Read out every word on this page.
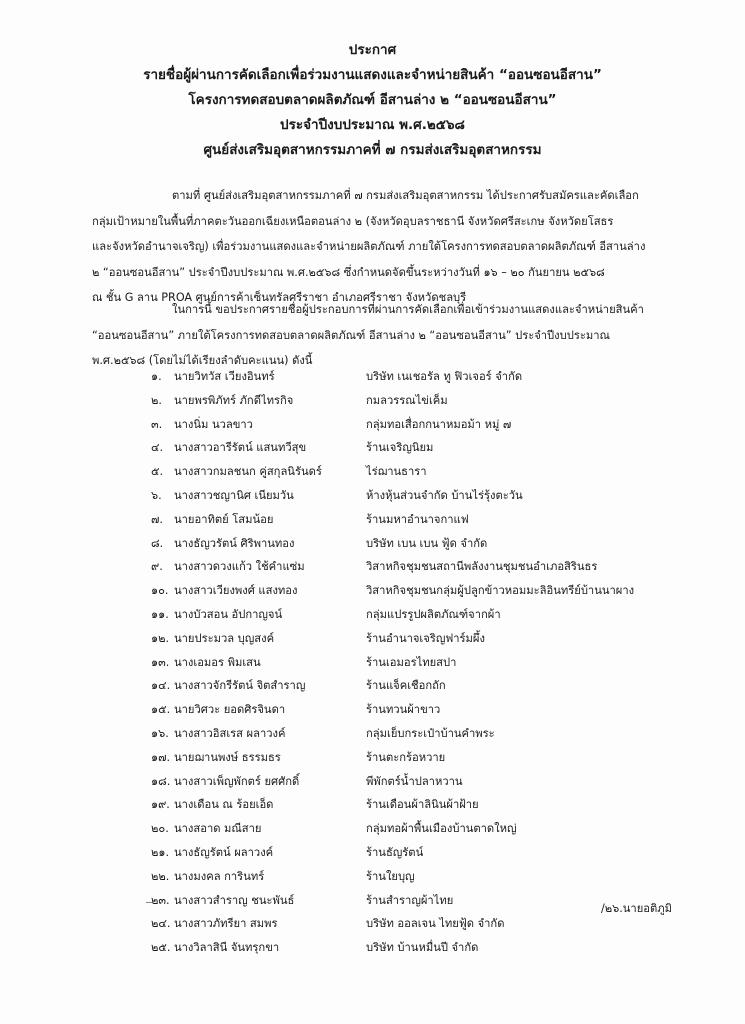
ประกาศ
รายชื่อผู้ผ่านการคัดเลือกเพื่อร่วมงานแสดงและจำหน่ายสินค้า “ออนซอนอีสาน”
โครงการทดสอบตลาดผลิตภัณฑ์ อีสานล่าง ๒ “ออนซอนอีสาน”
ประจำปีงบประมาณ พ.ศ.๒๕๖๘
ศูนย์ส่งเสริมอุตสาหกรรมภาคที่ ๗ กรมส่งเสริมอุตสาหกรรม
ตามที่ ศูนย์ส่งเสริมอุตสาหกรรมภาคที่ ๗ กรมส่งเสริมอุตสาหกรรม ได้ประกาศรับสมัครและคัดเลือก
กลุ่มเป้าหมายในพื้นที่ภาคตะวันออกเฉียงเหนือตอนล่าง ๒ (จังหวัดอุบลราชธานี จังหวัดศรีสะเกษ จังหวัดยโสธร
และจังหวัดอำนาจเจริญ) เพื่อร่วมงานแสดงและจำหน่ายผลิตภัณฑ์ ภายใต้โครงการทดสอบตลาดผลิตภัณฑ์ อีสานล่าง
๒ “ออนซอนอีสาน” ประจำปีงบประมาณ พ.ศ.๒๕๖๘ ซึ่งกำหนดจัดขึ้นระหว่างวันที่ ๑๖ – ๒๐ กันยายน ๒๕๖๘
ณ ชั้น G ลาน PROA ศูนย์การค้าเซ็นทรัลศรีราชา อำเภอศรีราชา จังหวัดชลบุรี
ในการนี้ ขอประกาศรายชื่อผู้ประกอบการที่ผ่านการคัดเลือกเพื่อเข้าร่วมงานแสดงและจำหน่ายสินค้า
“ออนซอนอีสาน” ภายใต้โครงการทดสอบตลาดผลิตภัณฑ์ อีสานล่าง ๒ “ออนซอนอีสาน” ประจำปีงบประมาณ
พ.ศ.๒๕๖๘ (โดยไม่ได้เรียงลำดับคะแนน) ดังนี้
๑. นายวิทวัส เวียงอินทร์	บริษัท เนเชอรัล ทู ฟิวเจอร์ จำกัด
๒. นายพรพิภัทร์ ภักดีไทรกิจ	กมลวรรณไข่เค็ม
๓. นางนิ่ม นวลขาว	กลุ่มทอเสื่อกกนาหมอม้า หมู่ ๗
๔. นางสาวอารีรัตน์ แสนทวีสุข	ร้านเจริญนิยม
๕. นางสาวกมลชนก คู่สกุลนิรันดร์	ไร่ฌานธารา
๖. นางสาวชญานิศ เนียมวัน	ห้างหุ้นส่วนจำกัด บ้านไร่รุ้งตะวัน
๗. นายอาทิตย์ โสมน้อย	ร้านมหาอำนาจกาแฟ
๘. นางธัญวรัตน์ ศิริพานทอง	บริษัท เบน เบน ฟู้ด จำกัด
๙. นางสาวดวงแก้ว ใช้คำแซ่ม	วิสาหกิจชุมชนสถานีพลังงานชุมชนอำเภอสิรินธร
๑๐. นางสาวเวียงพงศ์ แสงทอง	วิสาหกิจชุมชนกลุ่มผู้ปลูกข้าวหอมมะลิอินทรีย์บ้านนาผาง
๑๑. นางบัวสอน อัปกาญจน์	กลุ่มแปรรูปผลิตภัณฑ์จากผ้า
๑๒. นายประมวล บุญสงค์	ร้านอำนาจเจริญฟาร์มผึ้ง
๑๓. นางเอมอร พิมเสน	ร้านเอมอรไทยสปา
๑๔. นางสาวจักรีรัตน์ จิตสำราญ	ร้านแจ็คเชือกถัก
๑๕. นายวิศวะ ยอดศิรจินดา	ร้านทวนผ้าขาว
๑๖. นางสาวอิสเรส ผลาวงค์	กลุ่มเย็บกระเป๋าบ้านคำพระ
๑๗. นายฌานพงษ์ ธรรมธร	ร้านตะกร้อหวาย
๑๘. นางสาวเพ็ญพักตร์ ยศศักดิ์	พีพักตร์น้ำปลาหวาน
๑๙. นางเดือน ณ ร้อยเอ็ด	ร้านเดือนผ้าลินินผ้าฝ้าย
๒๐. นางสอาด มณีสาย	กลุ่มทอผ้าพื้นเมืองบ้านตาดใหญ่
๒๑. นางธัญรัตน์ ผลาวงค์	ร้านธัญรัตน์
๒๒. นางมงคล การินทร์	ร้านใยบุญ
๒๓. นางสาวสำราญ ชนะพันธ์	ร้านสำราญผ้าไทย
๒๔. นางสาวภัทรียา สมพร	บริษัท ออลเจน ไทยฟู้ด จำกัด
๒๕. นางวิลาสินี จันทรุกขา	บริษัท บ้านหมื่นปี จำกัด
/๒๖.นายอติภูมิ
